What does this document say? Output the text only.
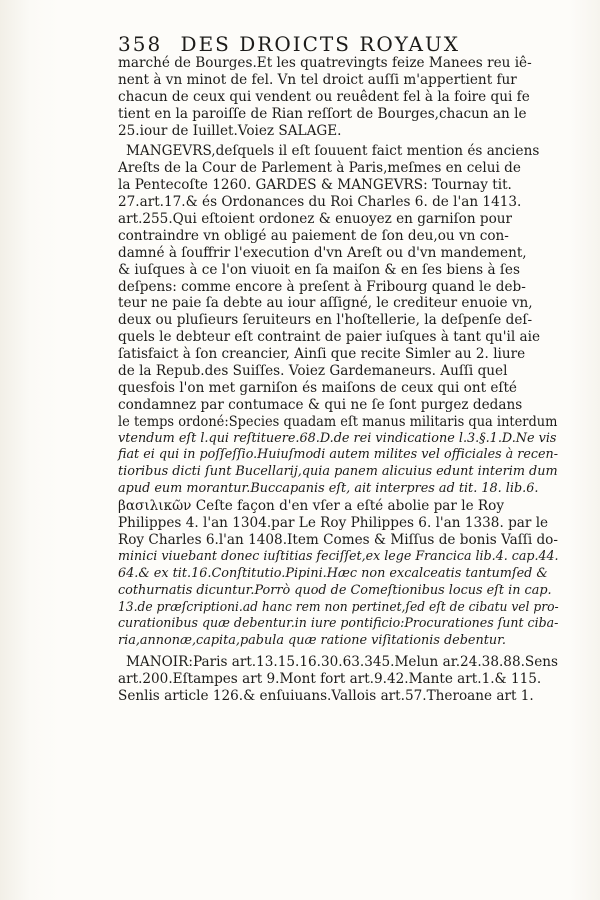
358 DES DROICTS ROYAUX
marché de Bourges.Et les quatrevingts feize Manees reu iê-
nent à vn minot de fel. Vn tel droict auſſi m'appertient fur
chacun de ceux qui vendent ou reuêdent fel à la foire qui fe
tient en la paroiſſe de Rian reſſort de Bourges,chacun an le
25.iour de Iuillet.Voiez SALAGE.
MANGEVRS,deſquels il eſt ſouuent faict mention és anciens
Areſts de la Cour de Parlement à Paris,meſmes en celui de
la Pentecoſte 1260. GARDES & MANGEVRS: Tournay tit.
27.art.17.& és Ordonances du Roi Charles 6. de l'an 1413.
art.255.Qui eſtoient ordonez & enuoyez en garniſon pour
contraindre vn obligé au paiement de ſon deu,ou vn con-
damné à ſouffrir l'execution d'vn Areſt ou d'vn mandement,
& iuſques à ce l'on viuoit en ſa maiſon & en ſes biens à ſes
deſpens: comme encore à preſent à Fribourg quand le deb-
teur ne paie ſa debte au iour aſſigné, le crediteur enuoie vn,
deux ou pluſieurs ſeruiteurs en l'hoſtellerie, la deſpenſe deſ-
quels le debteur eſt contraint de paier iuſques à tant qu'il aie
ſatisfaict à ſon creancier, Ainſi que recite Simler au 2. liure
de la Repub.des Suiſſes. Voiez Gardemaneurs. Auſſi quel
quesfois l'on met garniſon és maiſons de ceux qui ont eſté
condamnez par contumace & qui ne ſe ſont purgez dedans
le temps ordoné:Species quadam eſt manus militaris qua interdum
vtendum eſt l.qui reſtituere.68.D.de rei vindicatione l.3.§.1.D.Ne vis
fiat ei qui in poſſeſſio.Huiuſmodi autem milites vel officiales à recen-
tioribus dicti ſunt Bucellarij,quia panem alicuius edunt interim dum
apud eum morantur.Buccapanis eſt, ait interpres ad tit. 18. lib.6.
βασιλικῶν Ceſte façon d'en vſer a eſté abolie par le Roy
Philippes 4. l'an 1304.par Le Roy Philippes 6. l'an 1338. par le
Roy Charles 6.l'an 1408.Item Comes & Miſſus de bonis Vaſſi do-
minici viuebant donec iuſtitias feciſſet,ex lege Francica lib.4. cap.44.
64.& ex tit.16.Conſtitutio.Pipini.Hæc non excalceatis tantumſed &
cothurnatis dicuntur.Porrò quod de Comeſtionibus locus eſt in cap.
13.de præſcriptioni.ad hanc rem non pertinet,ſed eſt de cibatu vel pro-
curationibus quæ debentur.in iure pontificio:Procurationes ſunt ciba-
ria,annonæ,capita,pabula quæ ratione viſitationis debentur.
MANOIR:Paris art.13.15.16.30.63.345.Melun ar.24.38.88.Sens
art.200.Eſtampes art 9.Mont fort art.9.42.Mante art.1.& 115.
Senlis article 126.& enſuiuans.Vallois art.57.Theroane art 1.
